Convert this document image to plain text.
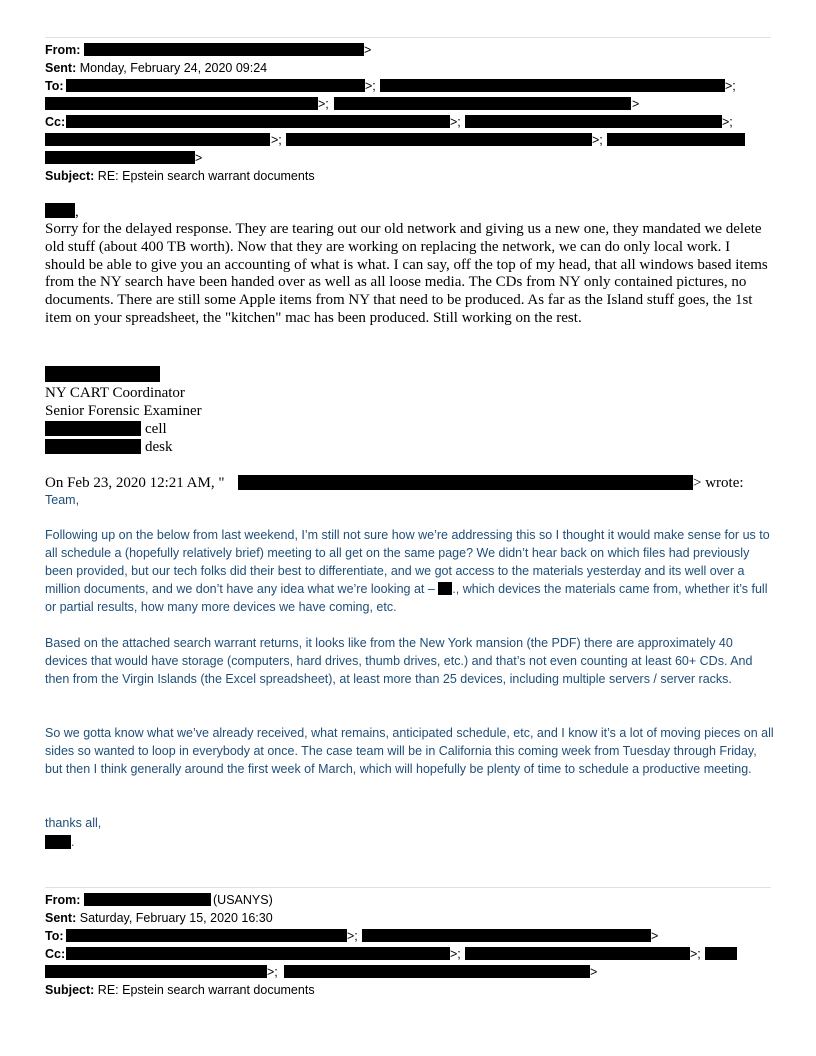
From:	>
Sent: Monday, February 24, 2020 09:24
To:	>;	>;
>;	>
Cc:	>;	>;
>;	>;
>
Subject: RE: Epstein search warrant documents
,
Sorry for the delayed response. They are tearing out our old network and giving us a new one, they mandated we delete old stuff (about 400 TB worth). Now that they are working on replacing the network, we can do only local work. I should be able to give you an accounting of what is what. I can say, off the top of my head, that all windows based items from the NY search have been handed over as well as all loose media. The CDs from NY only contained pictures, no documents. There are still some Apple items from NY that need to be produced. As far as the Island stuff goes, the 1st item on your spreadsheet, the "kitchen" mac has been produced. Still working on the rest.
NY CART Coordinator
Senior Forensic Examiner
cell
desk
On Feb 23, 2020 12:21 AM, "	> wrote:
Team,
Following up on the below from last weekend, I’m still not sure how we’re addressing this so I thought it would make sense for us to all schedule a (hopefully relatively brief) meeting to all get on the same page? We didn’t hear back on which files had previously been provided, but our tech folks did their best to differentiate, and we got access to the materials yesterday and its well over a million documents, and we don’t have any idea what we’re looking at – ., which devices the materials came from, whether it’s full or partial results, how many more devices we have coming, etc.
Based on the attached search warrant returns, it looks like from the New York mansion (the PDF) there are approximately 40 devices that would have storage (computers, hard drives, thumb drives, etc.) and that’s not even counting at least 60+ CDs. And then from the Virgin Islands (the Excel spreadsheet), at least more than 25 devices, including multiple servers / server racks.
So we gotta know what we’ve already received, what remains, anticipated schedule, etc, and I know it’s a lot of moving pieces on all sides so wanted to loop in everybody at once. The case team will be in California this coming week from Tuesday through Friday, but then I think generally around the first week of March, which will hopefully be plenty of time to schedule a productive meeting.
thanks all,
.
From:	(USANYS)
Sent: Saturday, February 15, 2020 16:30
To:	>;	>
Cc:	>;	>;
>;	>
Subject: RE: Epstein search warrant documents
